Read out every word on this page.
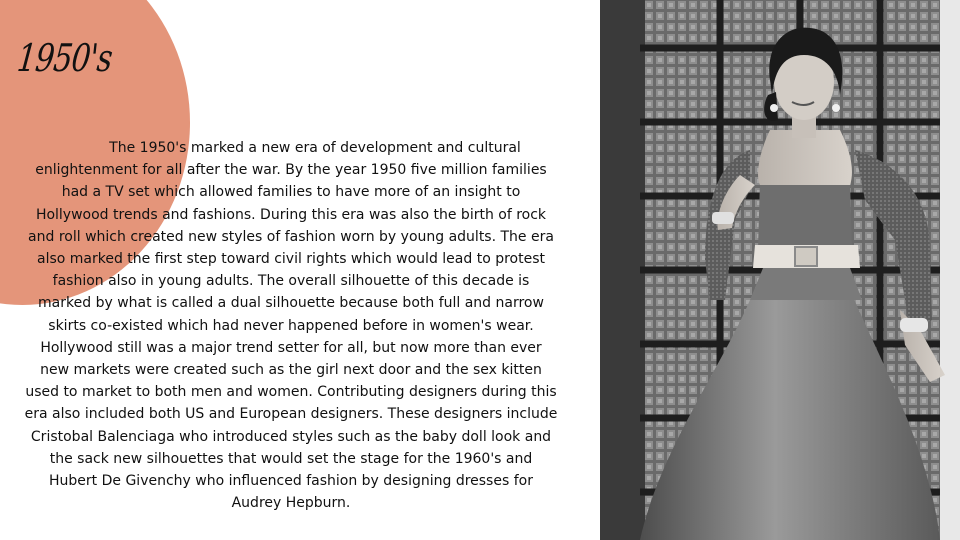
1950's

The 1950's marked a new era of development and cultural enlightenment for all after the war. By the year 1950 five million families had a TV set which allowed families to have more of an insight to Hollywood trends and fashions. During this era was also the birth of rock and roll which created new styles of fashion worn by young adults. The era also marked the first step toward civil rights which would lead to protest fashion also in young adults. The overall silhouette of this decade is marked by what is called a dual silhouette because both full and narrow skirts co-existed which had never happened before in women's wear. Hollywood still was a major trend setter for all, but now more than ever new markets were created such as the girl next door and the sex kitten used to market to both men and women. Contributing designers during this era also included both US and European designers. These designers include Cristobal Balenciaga who introduced styles such as the baby doll look and the sack new silhouettes that would set the stage for the 1960's and Hubert De Givenchy who influenced fashion by designing dresses for Audrey Hepburn.
